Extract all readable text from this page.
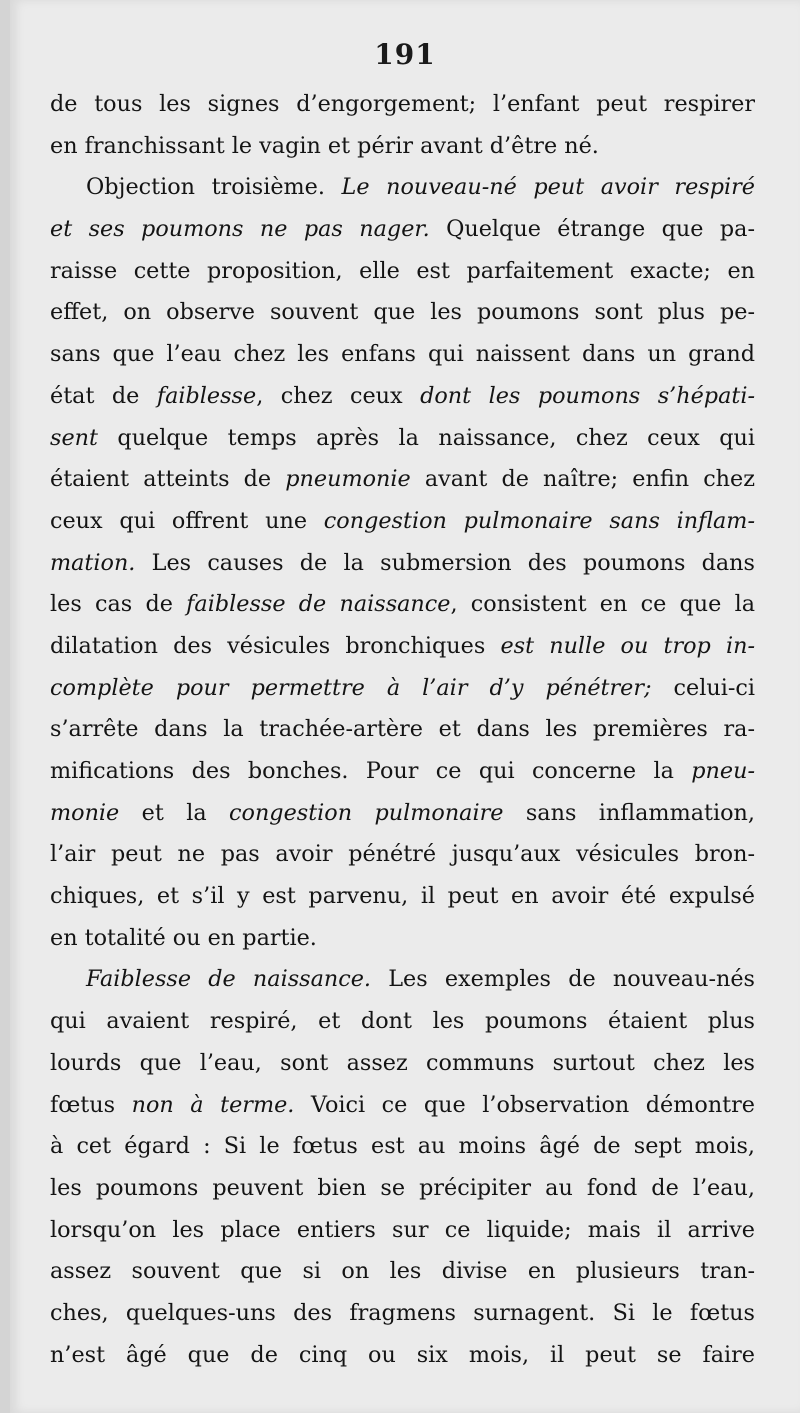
191
de tous les signes d’engorgement; l’enfant peut respirer
en franchissant le vagin et périr avant d’être né.
Objection troisième. Le nouveau-né peut avoir respiré
et ses poumons ne pas nager. Quelque étrange que pa-
raisse cette proposition, elle est parfaitement exacte; en
effet, on observe souvent que les poumons sont plus pe-
sans que l’eau chez les enfans qui naissent dans un grand
état de faiblesse, chez ceux dont les poumons s’hépati-
sent quelque temps après la naissance, chez ceux qui
étaient atteints de pneumonie avant de naître; enfin chez
ceux qui offrent une congestion pulmonaire sans inflam-
mation. Les causes de la submersion des poumons dans
les cas de faiblesse de naissance, consistent en ce que la
dilatation des vésicules bronchiques est nulle ou trop in-
complète pour permettre à l’air d’y pénétrer; celui-ci
s’arrête dans la trachée-artère et dans les premières ra-
mifications des bonches. Pour ce qui concerne la pneu-
monie et la congestion pulmonaire sans inflammation,
l’air peut ne pas avoir pénétré jusqu’aux vésicules bron-
chiques, et s’il y est parvenu, il peut en avoir été expulsé
en totalité ou en partie.
Faiblesse de naissance. Les exemples de nouveau-nés
qui avaient respiré, et dont les poumons étaient plus
lourds que l’eau, sont assez communs surtout chez les
fœtus non à terme. Voici ce que l’observation démontre
à cet égard : Si le fœtus est au moins âgé de sept mois,
les poumons peuvent bien se précipiter au fond de l’eau,
lorsqu’on les place entiers sur ce liquide; mais il arrive
assez souvent que si on les divise en plusieurs tran-
ches, quelques-uns des fragmens surnagent. Si le fœtus
n’est âgé que de cinq ou six mois, il peut se faire
